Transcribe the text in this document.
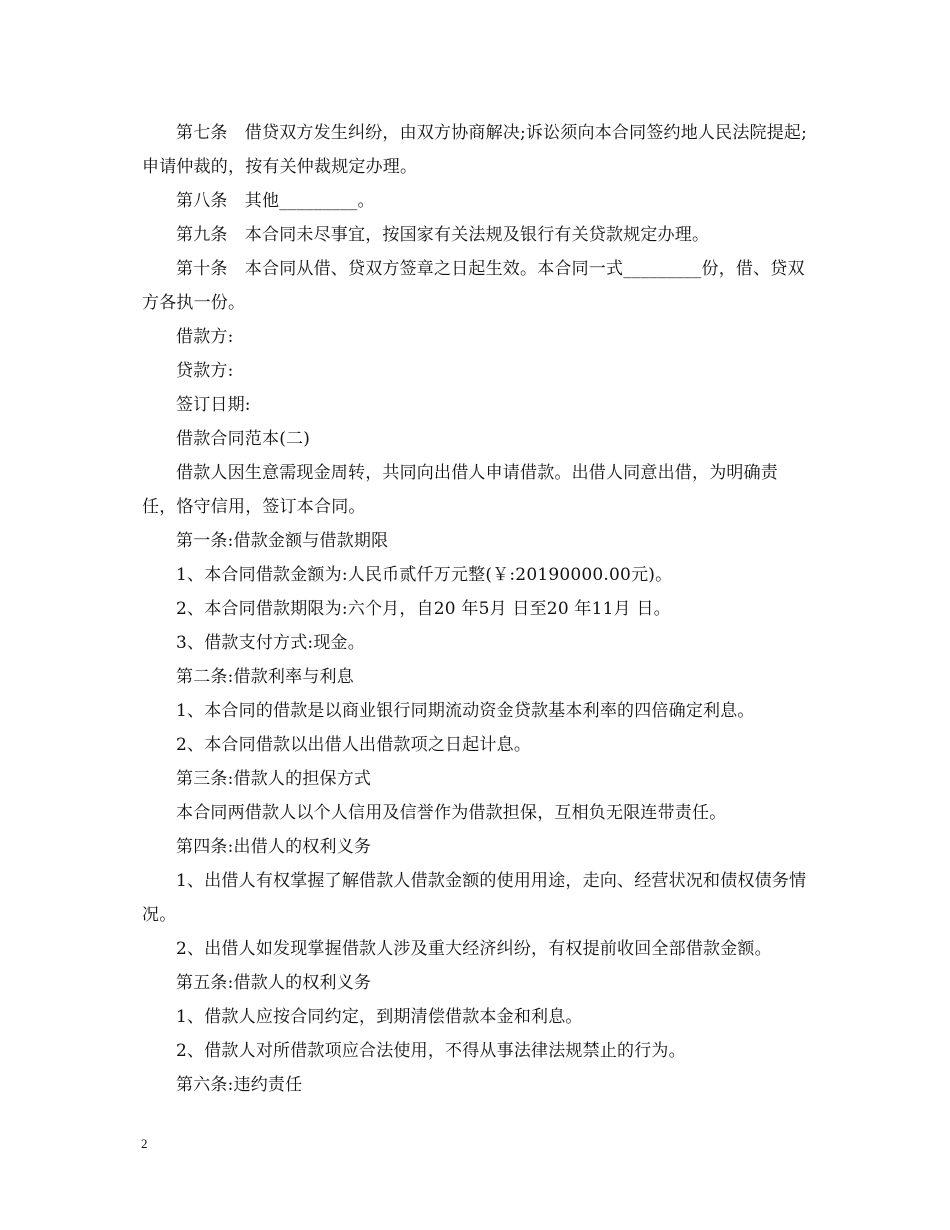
第七条　借贷双方发生纠纷，由双方协商解决;诉讼须向本合同签约地人民法院提起;申请仲裁的，按有关仲裁规定办理。

第八条　其他_________。

第九条　本合同未尽事宜，按国家有关法规及银行有关贷款规定办理。

第十条　本合同从借、贷双方签章之日起生效。本合同一式_________份，借、贷双方各执一份。

借款方:

贷款方:

签订日期:

借款合同范本(二)

借款人因生意需现金周转，共同向出借人申请借款。出借人同意出借，为明确责任，恪守信用，签订本合同。

第一条:借款金额与借款期限

1、本合同借款金额为:人民币贰仟万元整(￥:20190000.00元)。

2、本合同借款期限为:六个月，自20 年5月 日至20 年11月 日。

3、借款支付方式:现金。

第二条:借款利率与利息

1、本合同的借款是以商业银行同期流动资金贷款基本利率的四倍确定利息。

2、本合同借款以出借人出借款项之日起计息。

第三条:借款人的担保方式

本合同两借款人以个人信用及信誉作为借款担保，互相负无限连带责任。

第四条:出借人的权利义务

1、出借人有权掌握了解借款人借款金额的使用用途，走向、经营状况和债权债务情况。

2、出借人如发现掌握借款人涉及重大经济纠纷，有权提前收回全部借款金额。

第五条:借款人的权利义务

1、借款人应按合同约定，到期清偿借款本金和利息。

2、借款人对所借款项应合法使用，不得从事法律法规禁止的行为。

第六条:违约责任

2
